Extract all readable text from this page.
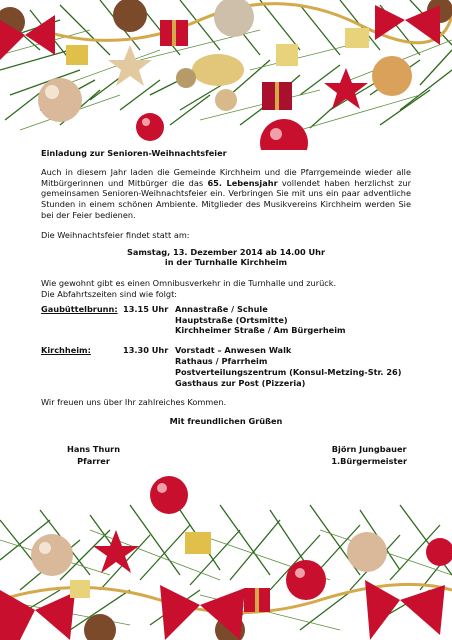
Einladung zur Senioren-Weihnachtsfeier
Auch in diesem Jahr laden die Gemeinde Kirchheim und die Pfarrgemeinde wieder alle Mitbürgerinnen und Mitbürger die das 65. Lebensjahr vollendet haben herzlichst zur gemeinsamen Senioren-Weihnachtsfeier ein. Verbringen Sie mit uns ein paar adventliche Stunden in einem schönen Ambiente. Mitglieder des Musikvereins Kirchheim werden Sie bei der Feier bedienen.
Die Weihnachtsfeier findet statt am:
Samstag, 13. Dezember 2014 ab 14.00 Uhr
in der Turnhalle Kirchheim
Wie gewohnt gibt es einen Omnibusverkehr in die Turnhalle und zurück.
Die Abfahrtszeiten sind wie folgt:
Gaubüttelbrunn: 13.15 Uhr Annastraße / Schule
Hauptstraße (Ortsmitte)
Kirchheimer Straße / Am Bürgerheim
Kirchheim:	13.30 Uhr Vorstadt – Anwesen Walk
Rathaus / Pfarrheim
Postverteilungszentrum (Konsul-Metzing-Str. 26)
Gasthaus zur Post (Pizzeria)
Wir freuen uns über Ihr zahlreiches Kommen.
Mit freundlichen Grüßen
Hans Thurn
Pfarrer
Björn Jungbauer
1.Bürgermeister
